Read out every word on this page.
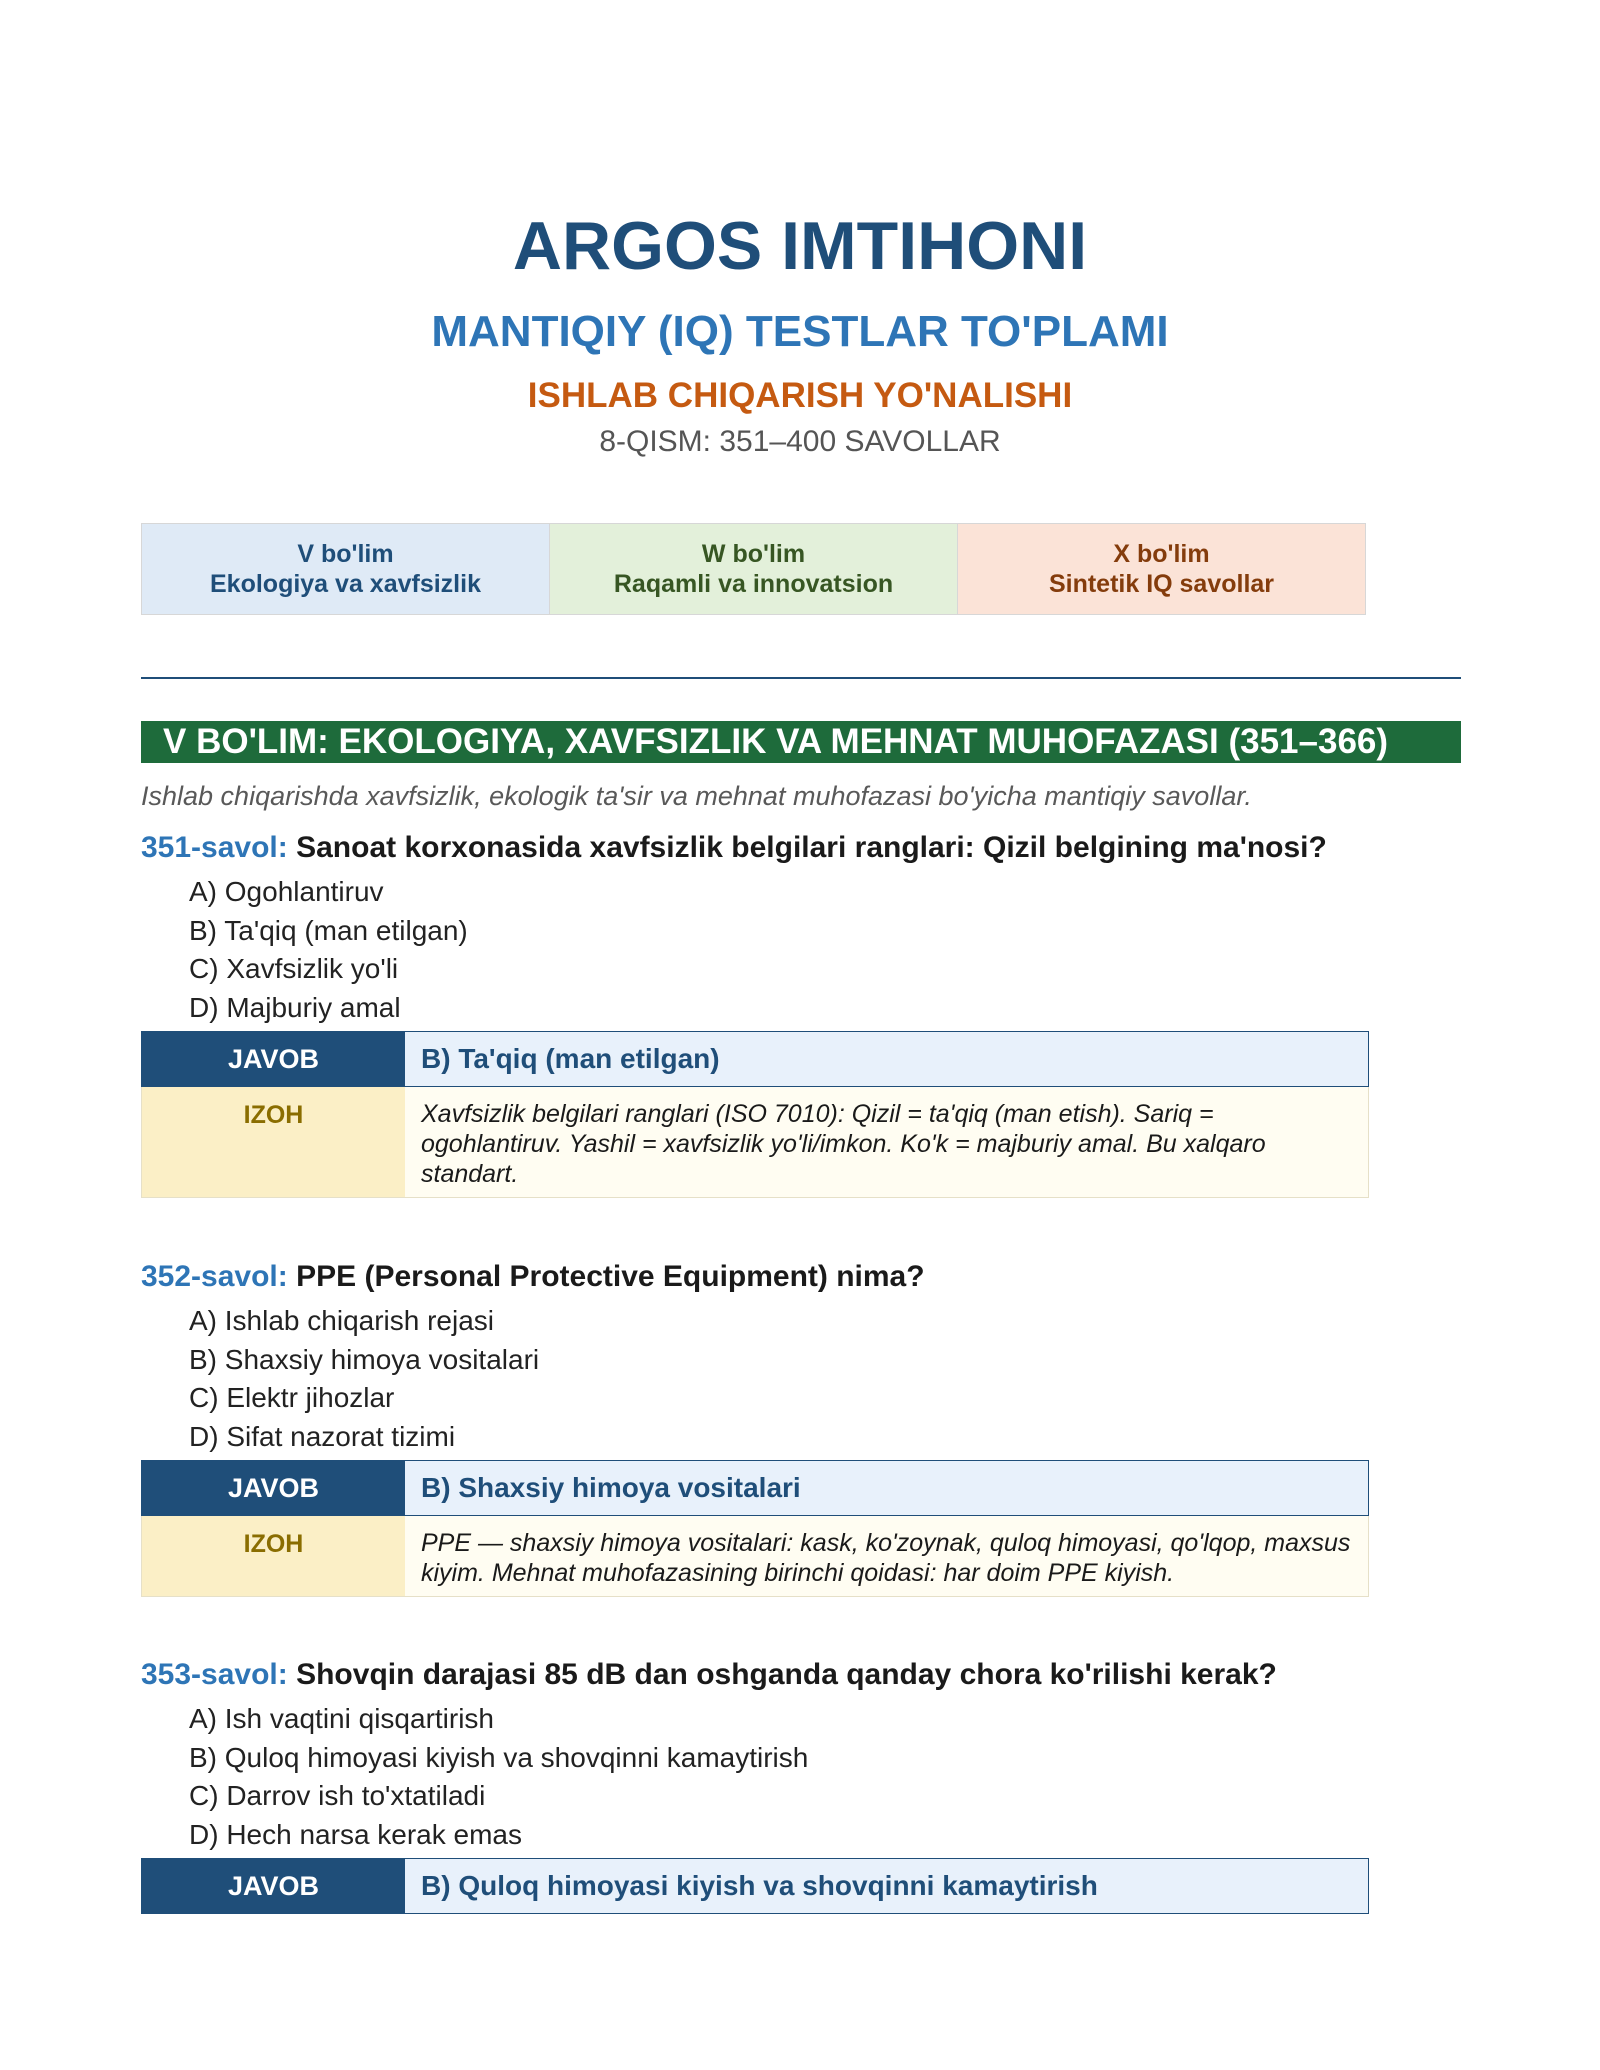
ARGOS IMTIHONI
MANTIQIY (IQ) TESTLAR TO'PLAMI
ISHLAB CHIQARISH YO'NALISHI
8-QISM: 351–400 SAVOLLAR
V bo'lim
Ekologiya va xavfsizlik
W bo'lim
Raqamli va innovatsion
X bo'lim
Sintetik IQ savollar
V BO'LIM: EKOLOGIYA, XAVFSIZLIK VA MEHNAT MUHOFAZASI (351–366)
Ishlab chiqarishda xavfsizlik, ekologik ta'sir va mehnat muhofazasi bo'yicha mantiqiy savollar.
351-savol: Sanoat korxonasida xavfsizlik belgilari ranglari: Qizil belgining ma'nosi?
A) Ogohlantiruv
B) Ta'qiq (man etilgan)
C) Xavfsizlik yo'li
D) Majburiy amal
JAVOB	B) Ta'qiq (man etilgan)
IZOH	Xavfsizlik belgilari ranglari (ISO 7010): Qizil = ta'qiq (man etish). Sariq = ogohlantiruv. Yashil = xavfsizlik yo'li/imkon. Ko'k = majburiy amal. Bu xalqaro standart.
352-savol: PPE (Personal Protective Equipment) nima?
A) Ishlab chiqarish rejasi
B) Shaxsiy himoya vositalari
C) Elektr jihozlar
D) Sifat nazorat tizimi
JAVOB	B) Shaxsiy himoya vositalari
IZOH	PPE — shaxsiy himoya vositalari: kask, ko'zoynak, quloq himoyasi, qo'lqop, maxsus kiyim. Mehnat muhofazasining birinchi qoidasi: har doim PPE kiyish.
353-savol: Shovqin darajasi 85 dB dan oshganda qanday chora ko'rilishi kerak?
A) Ish vaqtini qisqartirish
B) Quloq himoyasi kiyish va shovqinni kamaytirish
C) Darrov ish to'xtatiladi
D) Hech narsa kerak emas
JAVOB	B) Quloq himoyasi kiyish va shovqinni kamaytirish
